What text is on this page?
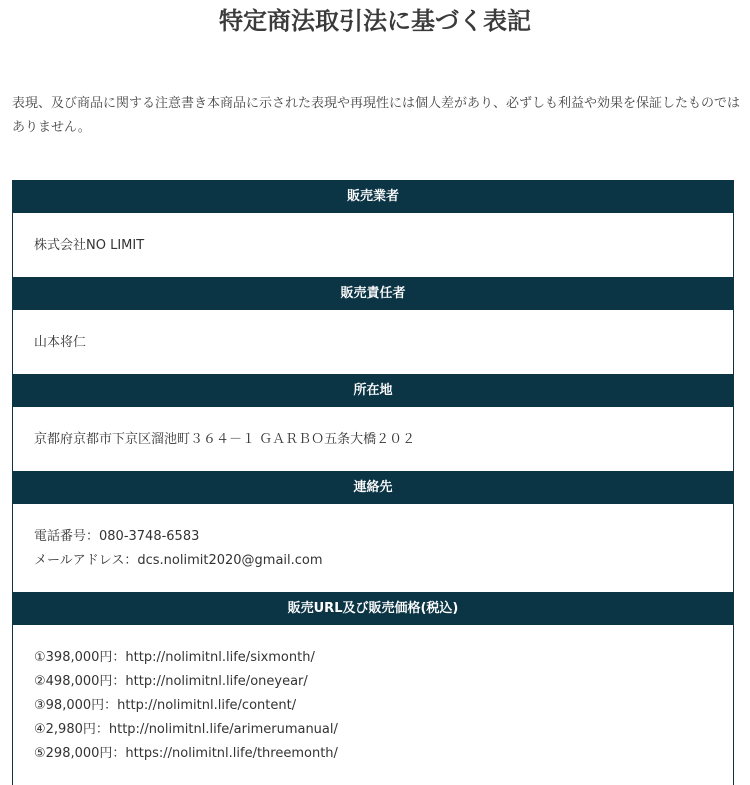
特定商法取引法に基づく表記

表現、及び商品に関する注意書き本商品に示された表現や再現性には個人差があり、必ずしも利益や効果を保証したものではありません。

販売業者
株式会社NO LIMIT
販売責任者
山本将仁
所在地
京都府京都市下京区溜池町３６４－１ ＧＡＲＢＯ五条大橋２０２
連絡先
電話番号：080-3748-6583
メールアドレス：dcs.nolimit2020@gmail.com
販売URL及び販売価格(税込)
①398,000円：http://nolimitnl.life/sixmonth/
②498,000円：http://nolimitnl.life/oneyear/
③98,000円：http://nolimitnl.life/content/
④2,980円：http://nolimitnl.life/arimerumanual/
⑤298,000円：https://nolimitnl.life/threemonth/
